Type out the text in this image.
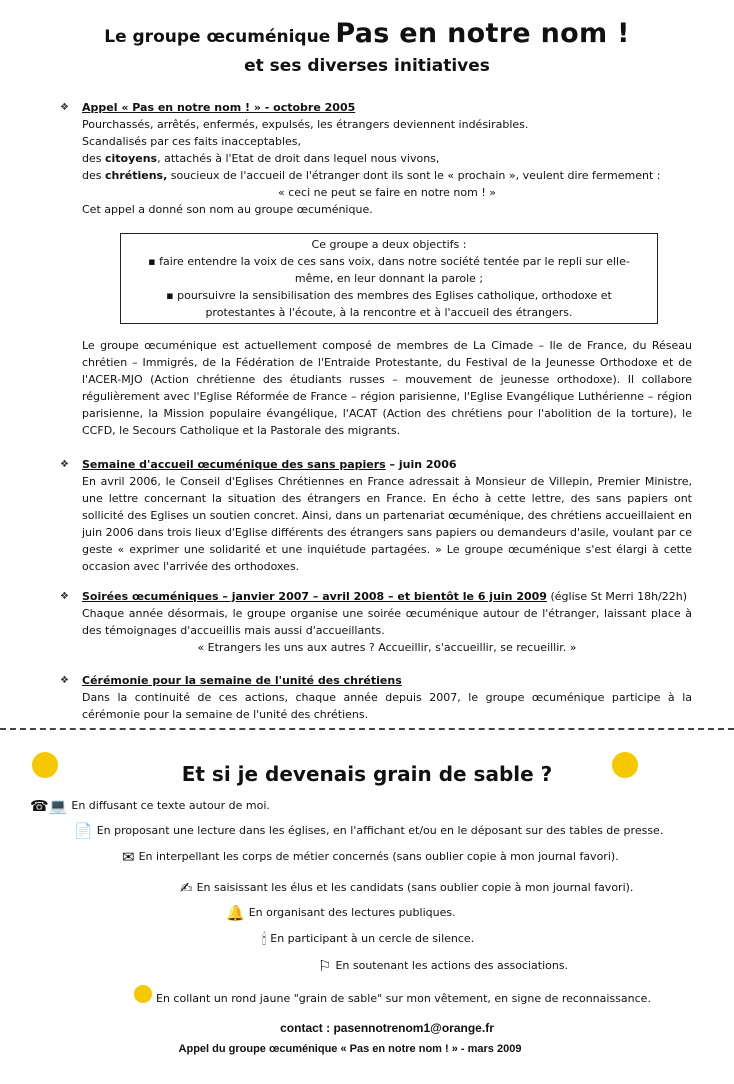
Le groupe œcuménique Pas en notre nom !
et ses diverses initiatives
❖ Appel « Pas en notre nom ! » - octobre 2005
Pourchassés, arrêtés, enfermés, expulsés, les étrangers deviennent indésirables.
Scandalisés par ces faits inacceptables,
des citoyens, attachés à l'Etat de droit dans lequel nous vivons,
des chrétiens, soucieux de l'accueil de l'étranger dont ils sont le « prochain », veulent dire fermement :
« ceci ne peut se faire en notre nom ! »
Cet appel a donné son nom au groupe œcuménique.
Ce groupe a deux objectifs :
▪ faire entendre la voix de ces sans voix, dans notre société tentée par le repli sur elle-
même, en leur donnant la parole ;
▪ poursuivre la sensibilisation des membres des Eglises catholique, orthodoxe et
protestantes à l'écoute, à la rencontre et à l'accueil des étrangers.
Le groupe œcuménique est actuellement composé de membres de La Cimade – Ile de France, du Réseau chrétien – Immigrés, de la Fédération de l'Entraide Protestante, du Festival de la Jeunesse Orthodoxe et de l'ACER-MJO (Action chrétienne des étudiants russes – mouvement de jeunesse orthodoxe). Il collabore régulièrement avec l'Eglise Réformée de France – région parisienne, l'Eglise Evangélique Luthérienne – région parisienne, la Mission populaire évangélique, l'ACAT (Action des chrétiens pour l'abolition de la torture), le CCFD, le Secours Catholique et la Pastorale des migrants.
❖ Semaine d'accueil œcuménique des sans papiers – juin 2006
En avril 2006, le Conseil d'Eglises Chrétiennes en France adressait à Monsieur de Villepin, Premier Ministre, une lettre concernant la situation des étrangers en France. En écho à cette lettre, des sans papiers ont sollicité des Eglises un soutien concret. Ainsi, dans un partenariat œcuménique, des chrétiens accueillaient en juin 2006 dans trois lieux d'Eglise différents des étrangers sans papiers ou demandeurs d'asile, voulant par ce geste « exprimer une solidarité et une inquiétude partagées. » Le groupe œcuménique s'est élargi à cette occasion avec l'arrivée des orthodoxes.
❖ Soirées œcuméniques – janvier 2007 – avril 2008 – et bientôt le 6 juin 2009 (église St Merri 18h/22h)
Chaque année désormais, le groupe organise une soirée œcuménique autour de l'étranger, laissant place à des témoignages d'accueillis mais aussi d'accueillants.
« Etrangers les uns aux autres ? Accueillir, s'accueillir, se recueillir. »
❖ Cérémonie pour la semaine de l'unité des chrétiens
Dans la continuité de ces actions, chaque année depuis 2007, le groupe œcuménique participe à la cérémonie pour la semaine de l'unité des chrétiens.
Et si je devenais grain de sable ?
☎💻 En diffusant ce texte autour de moi.
📄 En proposant une lecture dans les églises, en l'affichant et/ou en le déposant sur des tables de presse.
✉ En interpellant les corps de métier concernés (sans oublier copie à mon journal favori).
✍ En saisissant les élus et les candidats (sans oublier copie à mon journal favori).
🔔 En organisant des lectures publiques.
🕯 En participant à un cercle de silence.
⚐ En soutenant les actions des associations.
En collant un rond jaune "grain de sable" sur mon vêtement, en signe de reconnaissance.
contact : pasennotrenom1@orange.fr
Appel du groupe œcuménique « Pas en notre nom ! » - mars 2009
